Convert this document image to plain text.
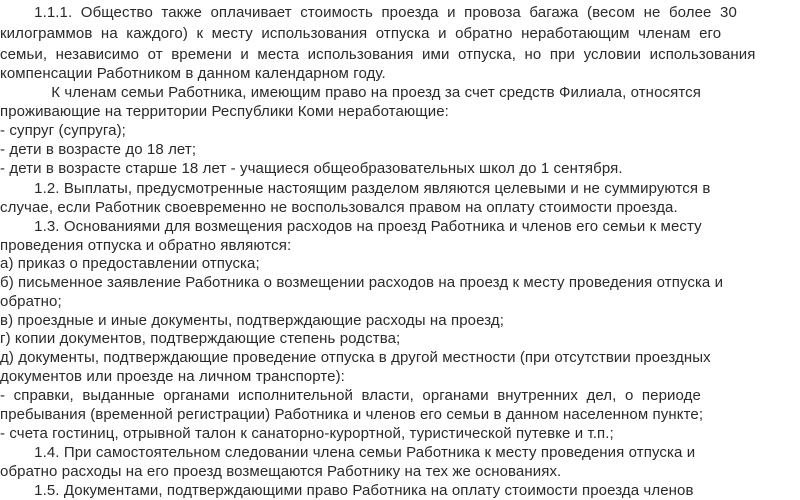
1.1.1.  Общество  также  оплачивает  стоимость  проезда  и  провоза  багажа  (весом  не  более  30
килограммов  на  каждого)  к  месту  использования  отпуска  и  обратно  неработающим  членам  его
семьи,  независимо  от  времени  и  места  использования  ими  отпуска,  но  при  условии  использования
компенсации Работником в данном календарном году.
К членам семьи Работника, имеющим право на проезд за счет средств Филиала, относятся
проживающие на территории Республики Коми неработающие:
- супруг (супруга);
- дети в возрасте до 18 лет;
- дети в возрасте старше 18 лет - учащиеся общеобразовательных школ до 1 сентября.
1.2. Выплаты, предусмотренные настоящим разделом являются целевыми и не суммируются в
случае, если Работник своевременно не воспользовался правом на оплату стоимости проезда.
1.3. Основаниями для возмещения расходов на проезд Работника и членов его семьи к месту
проведения отпуска и обратно являются:
а) приказ о предоставлении отпуска;
б) письменное заявление Работника о возмещении расходов на проезд к месту проведения отпуска и
обратно;
в) проездные и иные документы, подтверждающие расходы на проезд;
г) копии документов, подтверждающие степень родства;
д) документы, подтверждающие проведение отпуска в другой местности (при отсутствии проездных
документов или проезде на личном транспорте):
-  справки,  выданные  органами  исполнительной  власти,  органами  внутренних  дел,  о  периоде
пребывания (временной регистрации) Работника и членов его семьи в данном населенном пункте;
- счета гостиниц, отрывной талон к санаторно-курортной, туристической путевке и т.п.;
1.4. При самостоятельном следовании члена семьи Работника к месту проведения отпуска и
обратно расходы на его проезд возмещаются Работнику на тех же основаниях.
1.5. Документами, подтверждающими право Работника на оплату стоимости проезда членов
